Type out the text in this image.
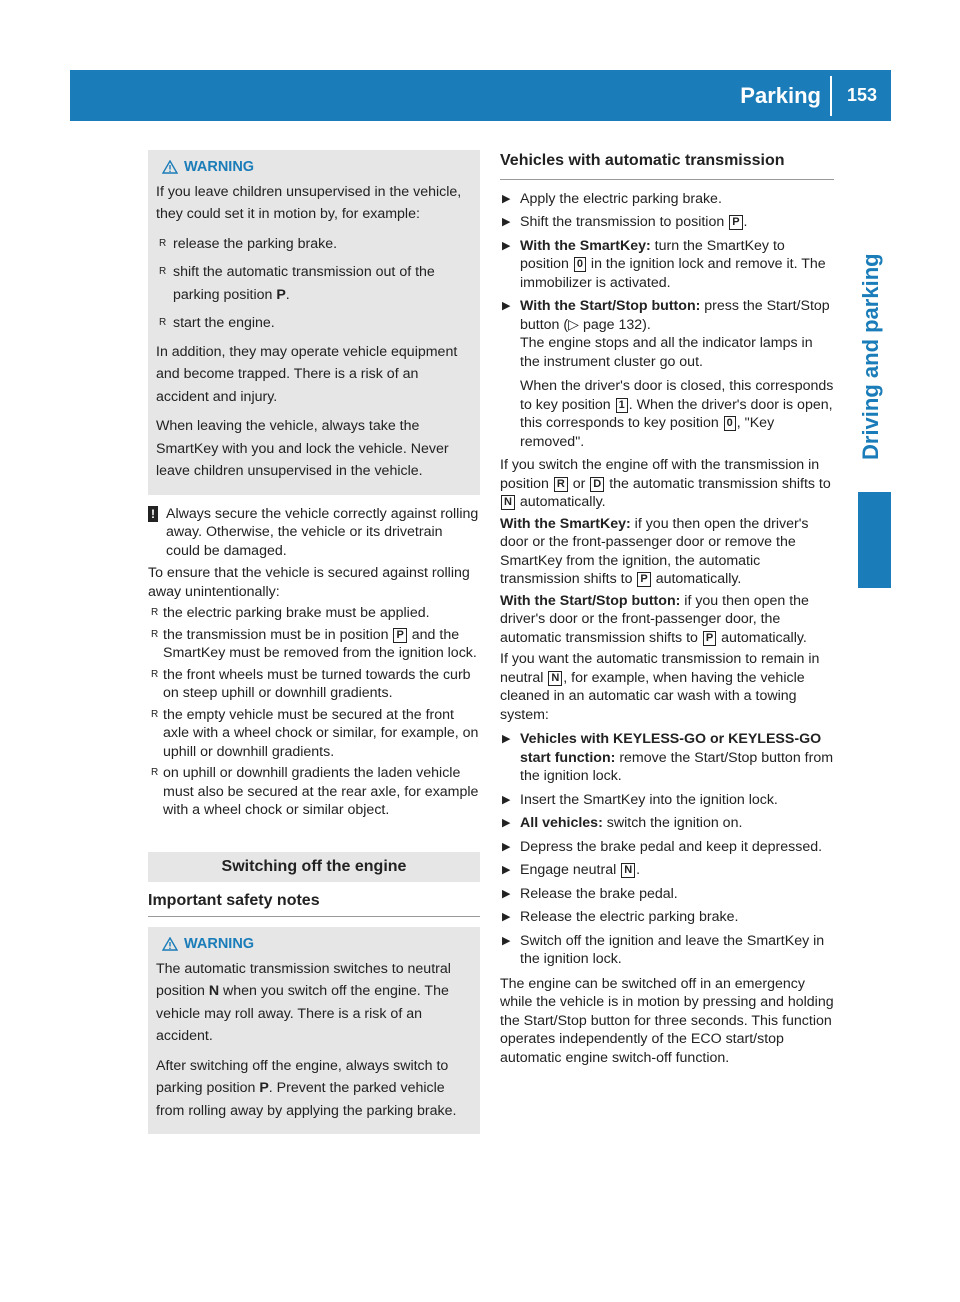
Parking 153
Driving and parking
WARNING

If you leave children unsupervised in the vehicle, they could set it in motion by, for example:

R release the parking brake.
R shift the automatic transmission out of the parking position P.
R start the engine.

In addition, they may operate vehicle equipment and become trapped. There is a risk of an accident and injury.

When leaving the vehicle, always take the SmartKey with you and lock the vehicle. Never leave children unsupervised in the vehicle.

! Always secure the vehicle correctly against rolling away. Otherwise, the vehicle or its drivetrain could be damaged.

To ensure that the vehicle is secured against rolling away unintentionally:

R the electric parking brake must be applied.
R the transmission must be in position P and the SmartKey must be removed from the ignition lock.
R the front wheels must be turned towards the curb on steep uphill or downhill gradients.
R the empty vehicle must be secured at the front axle with a wheel chock or similar, for example, on uphill or downhill gradients.
R on uphill or downhill gradients the laden vehicle must also be secured at the rear axle, for example with a wheel chock or similar object.
Switching off the engine
Important safety notes
WARNING

The automatic transmission switches to neutral position N when you switch off the engine. The vehicle may roll away. There is a risk of an accident.

After switching off the engine, always switch to parking position P. Prevent the parked vehicle from rolling away by applying the parking brake.

Vehicles with automatic transmission
▶ Apply the electric parking brake.
▶ Shift the transmission to position P .
▶ With the SmartKey: turn the SmartKey to position 0 in the ignition lock and remove it. The immobilizer is activated.
▶ With the Start/Stop button: press the Start/Stop button (▷ page 132).
The engine stops and all the indicator lamps in the instrument cluster go out.
When the driver's door is closed, this corresponds to key position 1 . When the driver's door is open, this corresponds to key position 0 , "Key removed".

If you switch the engine off with the transmission in position R or D the automatic transmission shifts to N automatically.

With the SmartKey: if you then open the driver's door or the front-passenger door or remove the SmartKey from the ignition, the automatic transmission shifts to P automatically.

With the Start/Stop button: if you then open the driver's door or the front-passenger door, the automatic transmission shifts to P automatically.

If you want the automatic transmission to remain in neutral N , for example, when having the vehicle cleaned in an automatic car wash with a towing system:

▶ Vehicles with KEYLESS-GO or KEYLESS-GO start function: remove the Start/Stop button from the ignition lock.
▶ Insert the SmartKey into the ignition lock.
▶ All vehicles: switch the ignition on.
▶ Depress the brake pedal and keep it depressed.
▶ Engage neutral N .
▶ Release the brake pedal.
▶ Release the electric parking brake.
▶ Switch off the ignition and leave the SmartKey in the ignition lock.

The engine can be switched off in an emergency while the vehicle is in motion by pressing and holding the Start/Stop button for three seconds. This function operates independently of the ECO start/stop automatic engine switch-off function.
